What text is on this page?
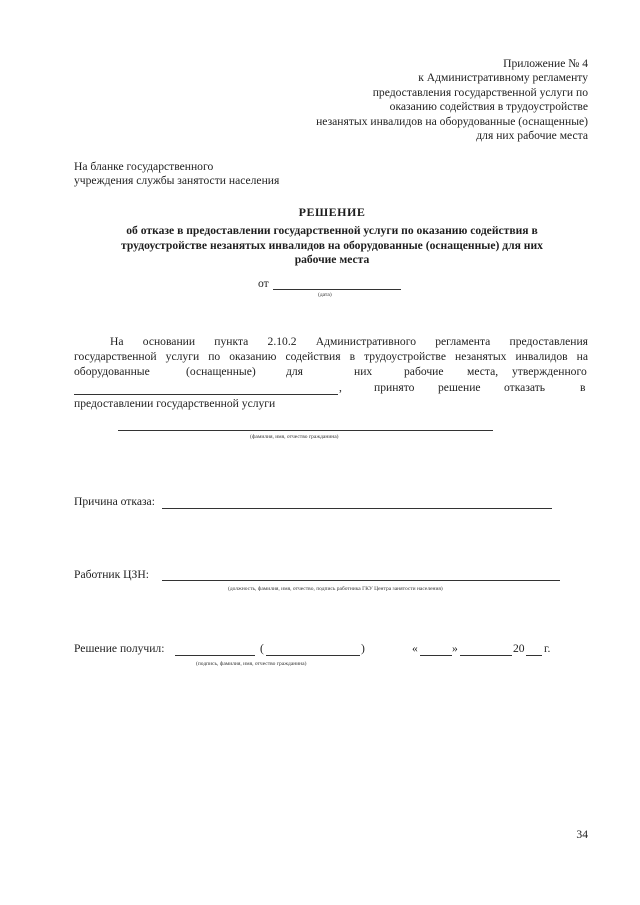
Приложение № 4
к Административному регламенту
предоставления государственной услуги по
оказанию содействия в трудоустройстве
незанятых инвалидов на оборудованные (оснащенные)
для них рабочие места
На бланке государственного
учреждения службы занятости населения
РЕШЕНИЕ
об отказе в предоставлении государственной услуги по оказанию содействия в
трудоустройстве незанятых инвалидов на оборудованные (оснащенные) для них
рабочие места
от
(дата)
На основании пункта 2.10.2 Административного регламента предоставления
государственной услуги по оказанию содействия в трудоустройстве незанятых инвалидов на
оборудованные	(оснащенные)	для	них	рабочие места, утвержденного
,	принято решение отказать	в
предоставлении государственной услуги
(фамилия, имя, отчество гражданина)
Причина отказа:
Работник ЦЗН:
(должность, фамилия, имя, отчество, подпись работника ГКУ Центра занятости населения)
Решение получил:	(	)
(подпись, фамилия, имя, отчество гражданина)
«	»	20 г.
34
